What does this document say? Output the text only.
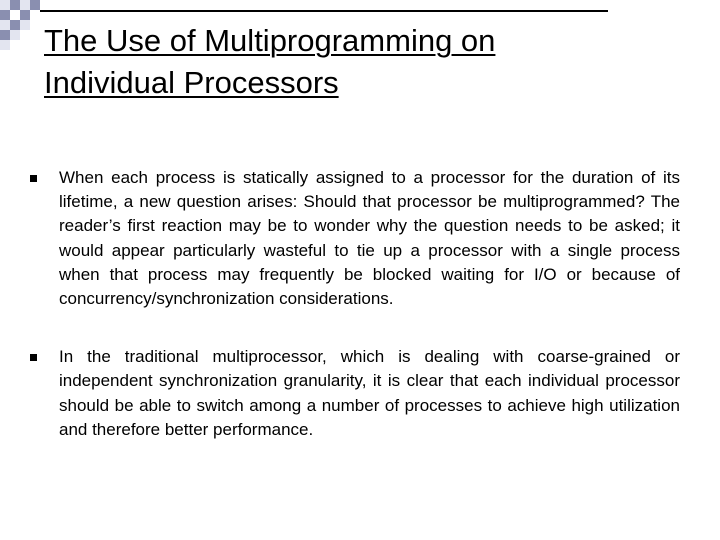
The Use of Multiprogramming on
Individual Processors
When each process is statically assigned to a processor for the duration of its lifetime, a new question arises: Should that processor be multiprogrammed? The reader’s first reaction may be to wonder why the question needs to be asked; it would appear particularly wasteful to tie up a processor with a single process when that process may frequently be blocked waiting for I/O or because of concurrency/synchronization considerations.
In the traditional multiprocessor, which is dealing with coarse-grained or independent synchronization granularity, it is clear that each individual processor should be able to switch among a number of processes to achieve high utilization and therefore better performance.
